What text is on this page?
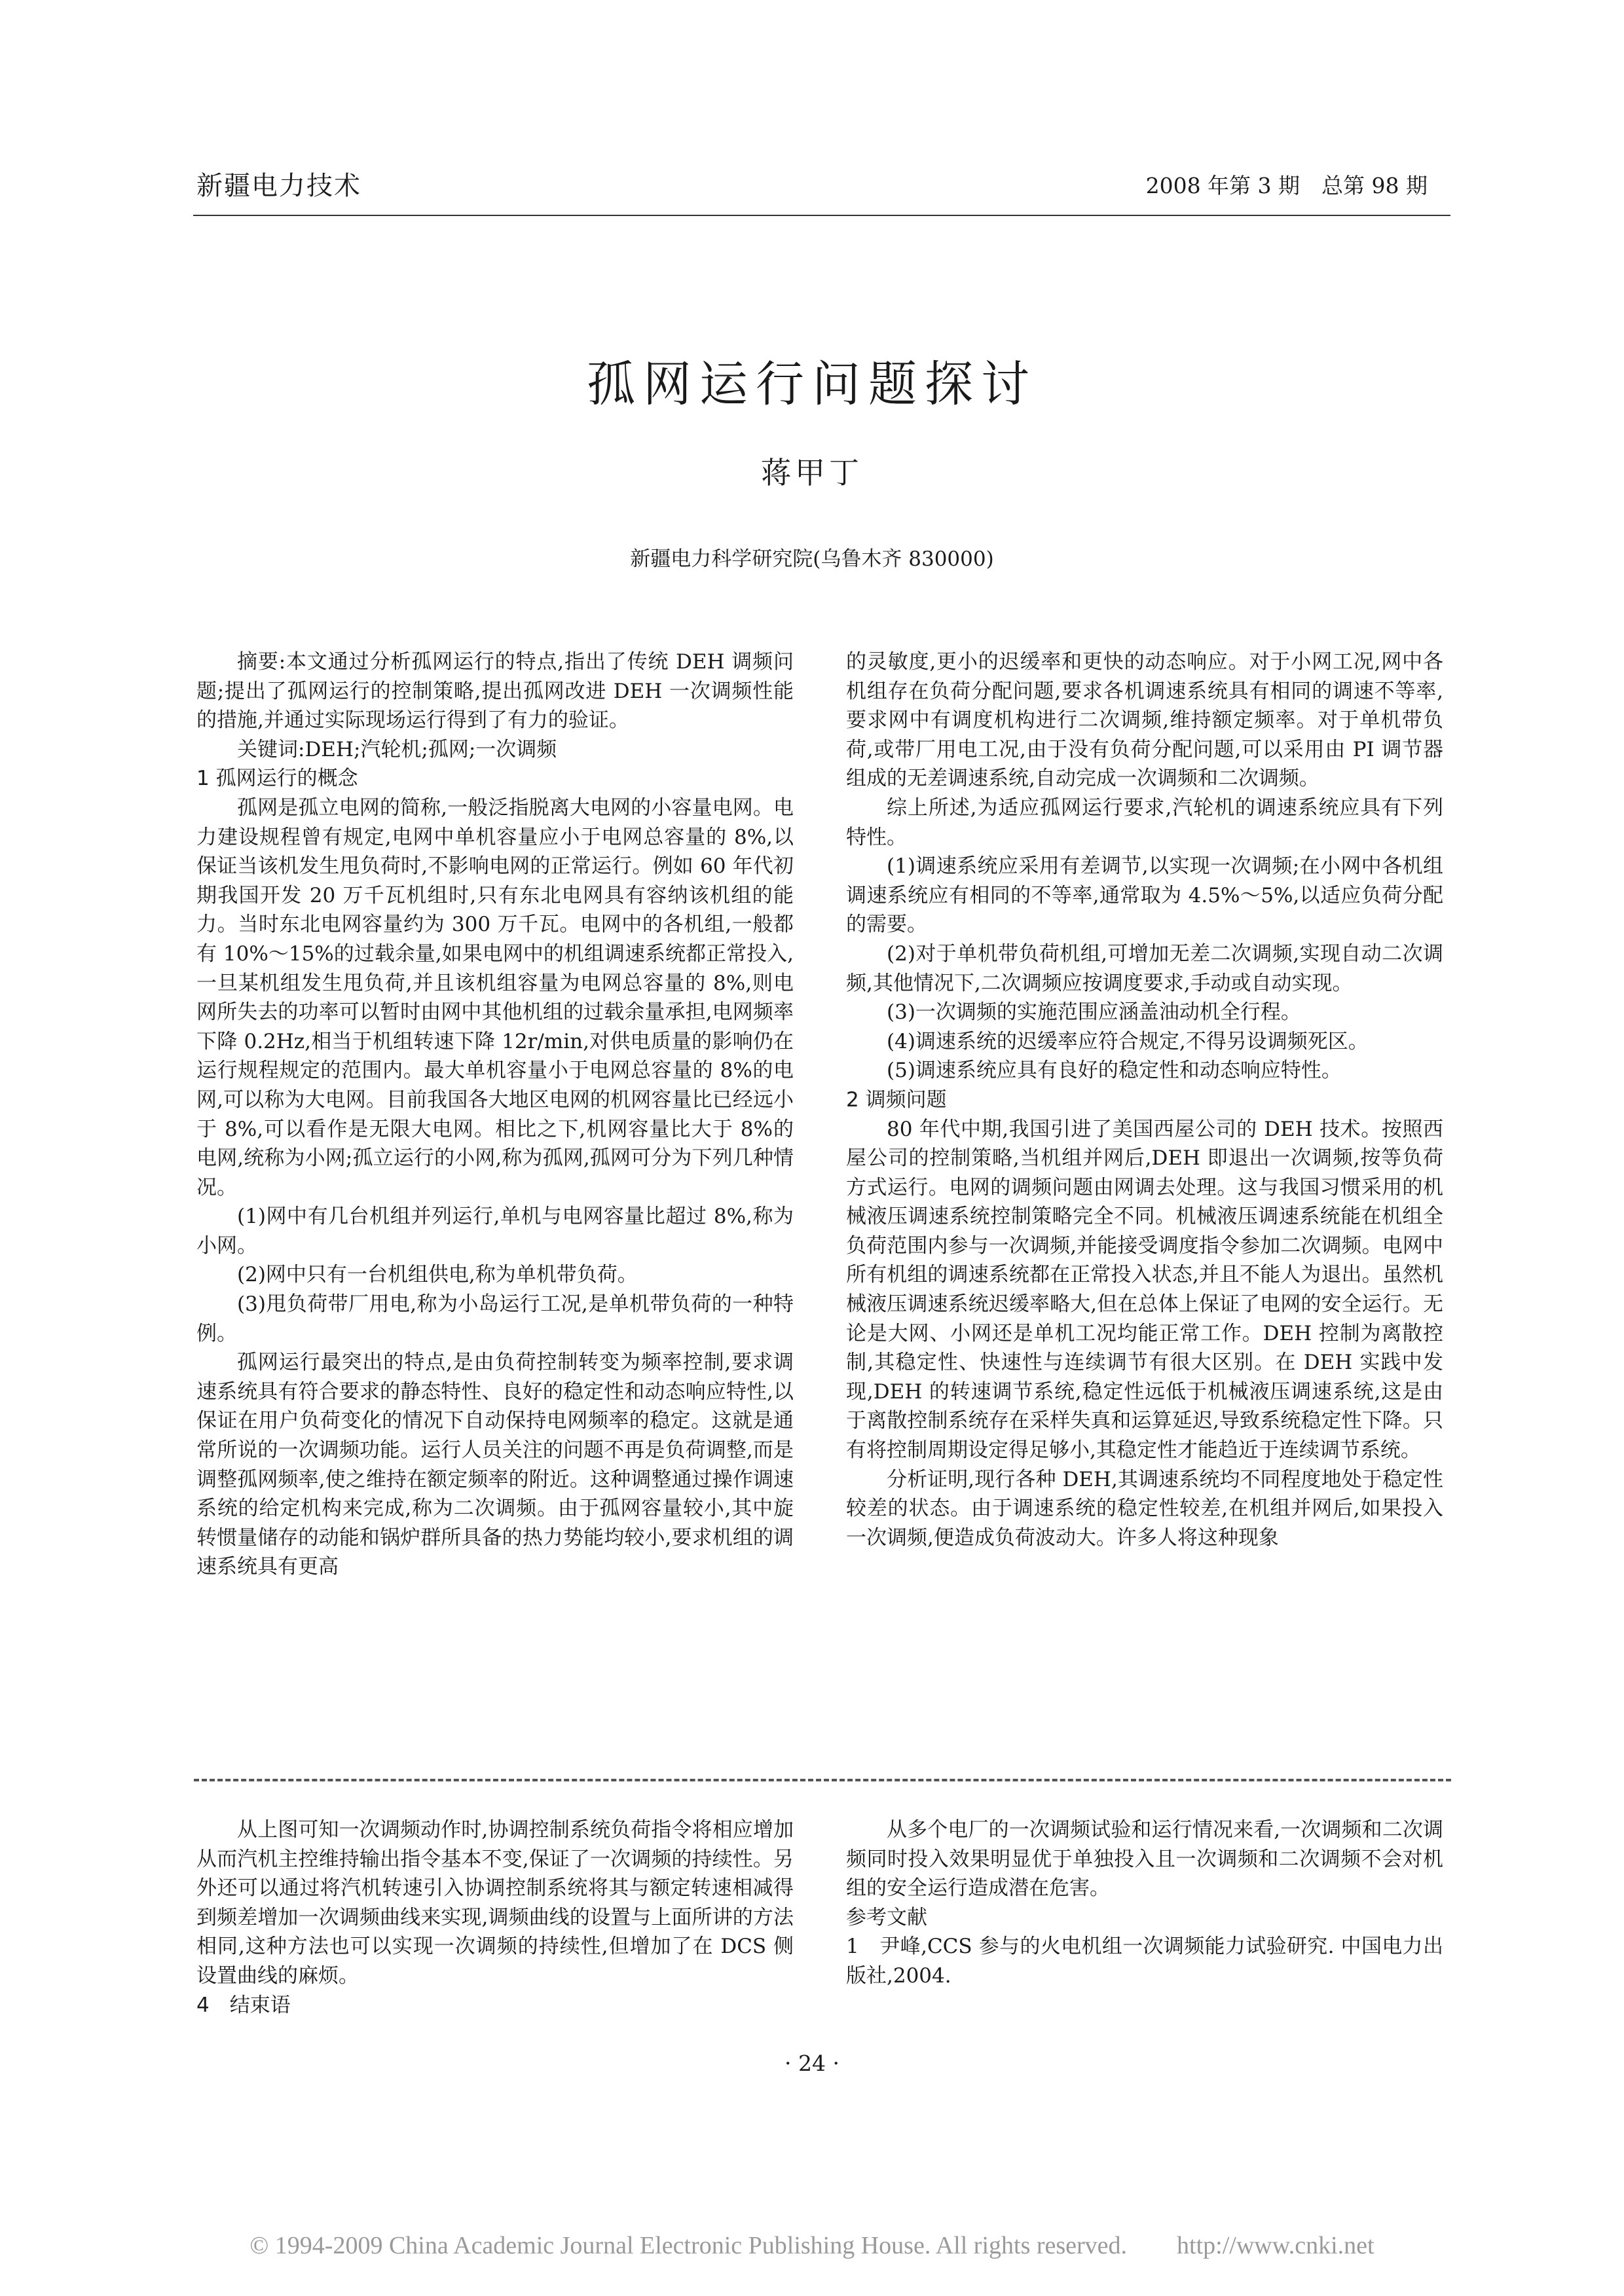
新疆电力技术	2008 年第 3 期　总第 98 期
孤网运行问题探讨
蒋甲丁
新疆电力科学研究院(乌鲁木齐 830000)

摘要:本文通过分析孤网运行的特点,指出了传统 DEH 调频问题;提出了孤网运行的控制策略,提出孤网改进 DEH 一次调频性能的措施,并通过实际现场运行得到了有力的验证。

关键词:DEH;汽轮机;孤网;一次调频

1 孤网运行的概念

孤网是孤立电网的简称,一般泛指脱离大电网的小容量电网。电力建设规程曾有规定,电网中单机容量应小于电网总容量的 8%,以保证当该机发生甩负荷时,不影响电网的正常运行。例如 60 年代初期我国开发 20 万千瓦机组时,只有东北电网具有容纳该机组的能力。当时东北电网容量约为 300 万千瓦。电网中的各机组,一般都有 10%～15%的过载余量,如果电网中的机组调速系统都正常投入,一旦某机组发生甩负荷,并且该机组容量为电网总容量的 8%,则电网所失去的功率可以暂时由网中其他机组的过载余量承担,电网频率下降 0.2Hz,相当于机组转速下降 12r/min,对供电质量的影响仍在运行规程规定的范围内。最大单机容量小于电网总容量的 8%的电网,可以称为大电网。目前我国各大地区电网的机网容量比已经远小于 8%,可以看作是无限大电网。相比之下,机网容量比大于 8%的电网,统称为小网;孤立运行的小网,称为孤网,孤网可分为下列几种情况。

(1)网中有几台机组并列运行,单机与电网容量比超过 8%,称为小网。

(2)网中只有一台机组供电,称为单机带负荷。

(3)甩负荷带厂用电,称为小岛运行工况,是单机带负荷的一种特例。

孤网运行最突出的特点,是由负荷控制转变为频率控制,要求调速系统具有符合要求的静态特性、良好的稳定性和动态响应特性,以保证在用户负荷变化的情况下自动保持电网频率的稳定。这就是通常所说的一次调频功能。运行人员关注的问题不再是负荷调整,而是调整孤网频率,使之维持在额定频率的附近。这种调整通过操作调速系统的给定机构来完成,称为二次调频。由于孤网容量较小,其中旋转惯量储存的动能和锅炉群所具备的热力势能均较小,要求机组的调速系统具有更高

的灵敏度,更小的迟缓率和更快的动态响应。对于小网工况,网中各机组存在负荷分配问题,要求各机调速系统具有相同的调速不等率,要求网中有调度机构进行二次调频,维持额定频率。对于单机带负荷,或带厂用电工况,由于没有负荷分配问题,可以采用由 PI 调节器组成的无差调速系统,自动完成一次调频和二次调频。

综上所述,为适应孤网运行要求,汽轮机的调速系统应具有下列特性。

(1)调速系统应采用有差调节,以实现一次调频;在小网中各机组调速系统应有相同的不等率,通常取为 4.5%～5%,以适应负荷分配的需要。

(2)对于单机带负荷机组,可增加无差二次调频,实现自动二次调频,其他情况下,二次调频应按调度要求,手动或自动实现。

(3)一次调频的实施范围应涵盖油动机全行程。

(4)调速系统的迟缓率应符合规定,不得另设调频死区。

(5)调速系统应具有良好的稳定性和动态响应特性。

2 调频问题

80 年代中期,我国引进了美国西屋公司的 DEH 技术。按照西屋公司的控制策略,当机组并网后,DEH 即退出一次调频,按等负荷方式运行。电网的调频问题由网调去处理。这与我国习惯采用的机械液压调速系统控制策略完全不同。机械液压调速系统能在机组全负荷范围内参与一次调频,并能接受调度指令参加二次调频。电网中所有机组的调速系统都在正常投入状态,并且不能人为退出。虽然机械液压调速系统迟缓率略大,但在总体上保证了电网的安全运行。无论是大网、小网还是单机工况均能正常工作。DEH 控制为离散控制,其稳定性、快速性与连续调节有很大区别。在 DEH 实践中发现,DEH 的转速调节系统,稳定性远低于机械液压调速系统,这是由于离散控制系统存在采样失真和运算延迟,导致系统稳定性下降。只有将控制周期设定得足够小,其稳定性才能趋近于连续调节系统。

分析证明,现行各种 DEH,其调速系统均不同程度地处于稳定性较差的状态。由于调速系统的稳定性较差,在机组并网后,如果投入一次调频,便造成负荷波动大。许多人将这种现象

从上图可知一次调频动作时,协调控制系统负荷指令将相应增加从而汽机主控维持输出指令基本不变,保证了一次调频的持续性。另外还可以通过将汽机转速引入协调控制系统将其与额定转速相减得到频差增加一次调频曲线来实现,调频曲线的设置与上面所讲的方法相同,这种方法也可以实现一次调频的持续性,但增加了在 DCS 侧设置曲线的麻烦。

4　结束语

从多个电厂的一次调频试验和运行情况来看,一次调频和二次调频同时投入效果明显优于单独投入且一次调频和二次调频不会对机组的安全运行造成潜在危害。

参考文献

1　尹峰,CCS 参与的火电机组一次调频能力试验研究. 中国电力出版社,2004.

· 24 ·
© 1994-2009 China Academic Journal Electronic Publishing House. All rights reserved.　　http://www.cnki.net
